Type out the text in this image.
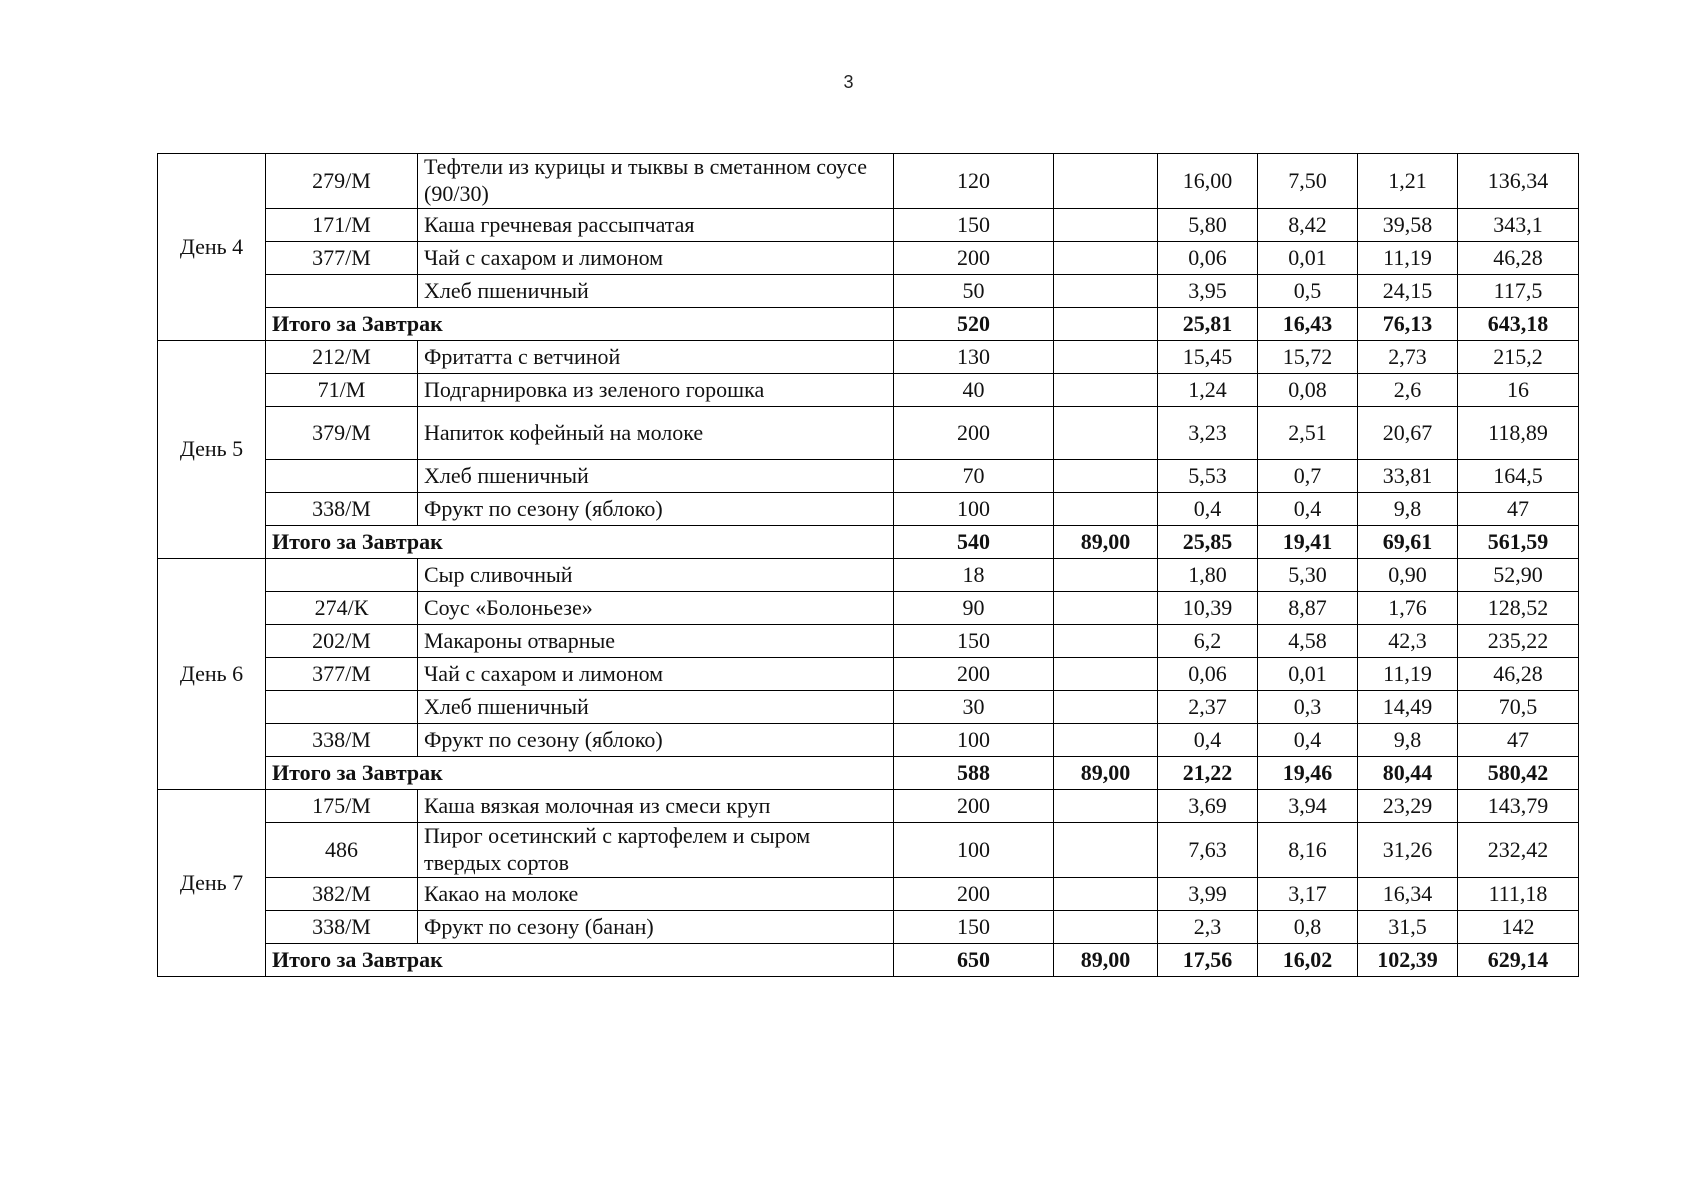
3
День 4	279/М	Тефтели из курицы и тыквы в сметанном соусе (90/30)	120		16,00	7,50	1,21	136,34
	171/М	Каша гречневая рассыпчатая	150		5,80	8,42	39,58	343,1
	377/М	Чай с сахаром и лимоном	200		0,06	0,01	11,19	46,28
		Хлеб пшеничный	50		3,95	0,5	24,15	117,5
	Итого за Завтрак		520		25,81	16,43	76,13	643,18
День 5	212/М	Фритатта с ветчиной	130		15,45	15,72	2,73	215,2
	71/М	Подгарнировка из зеленого горошка	40		1,24	0,08	2,6	16
	379/М	Напиток кофейный на молоке	200		3,23	2,51	20,67	118,89
		Хлеб пшеничный	70		5,53	0,7	33,81	164,5
	338/М	Фрукт по сезону (яблоко)	100		0,4	0,4	9,8	47
	Итого за Завтрак		540	89,00	25,85	19,41	69,61	561,59
День 6		Сыр сливочный	18		1,80	5,30	0,90	52,90
	274/К	Соус «Болоньезе»	90		10,39	8,87	1,76	128,52
	202/М	Макароны отварные	150		6,2	4,58	42,3	235,22
	377/М	Чай с сахаром и лимоном	200		0,06	0,01	11,19	46,28
		Хлеб пшеничный	30		2,37	0,3	14,49	70,5
	338/М	Фрукт по сезону (яблоко)	100		0,4	0,4	9,8	47
	Итого за Завтрак		588	89,00	21,22	19,46	80,44	580,42
День 7	175/М	Каша вязкая молочная из смеси круп	200		3,69	3,94	23,29	143,79
	486	Пирог осетинский с картофелем и сыром твердых сортов	100		7,63	8,16	31,26	232,42
	382/М	Какао на молоке	200		3,99	3,17	16,34	111,18
	338/М	Фрукт по сезону (банан)	150		2,3	0,8	31,5	142
	Итого за Завтрак		650	89,00	17,56	16,02	102,39	629,14
